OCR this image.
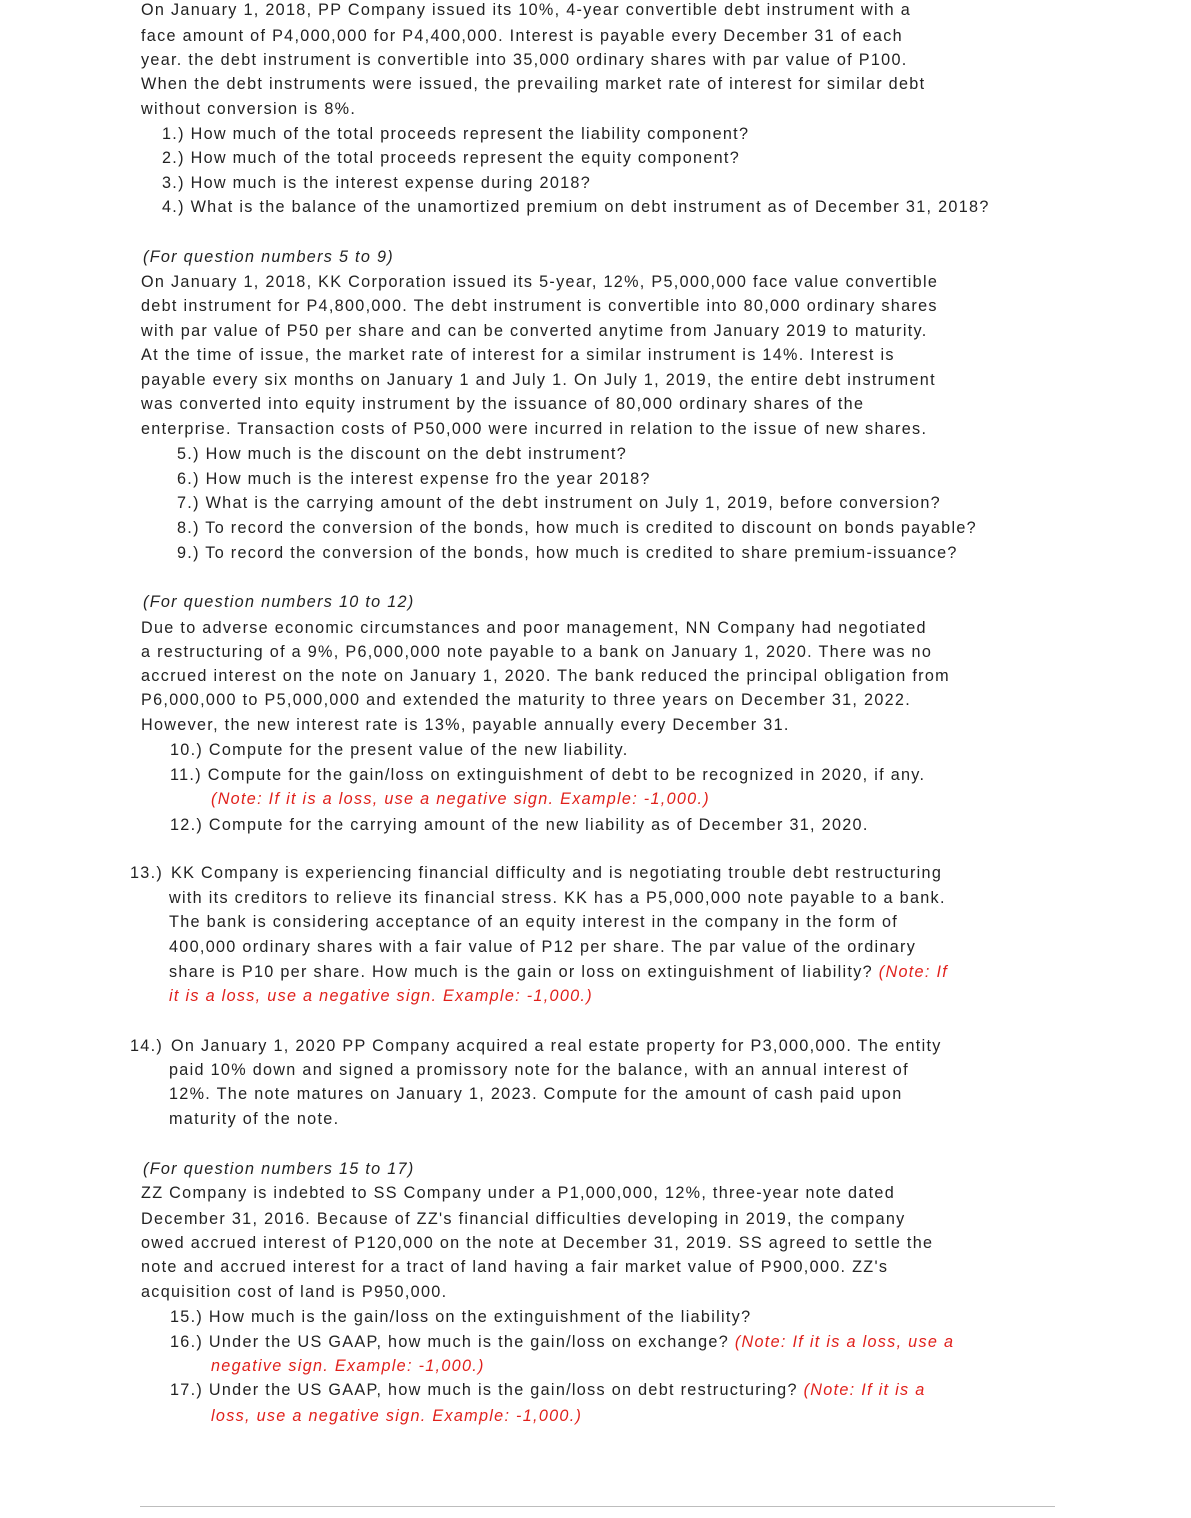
On January 1, 2018, PP Company issued its 10%, 4-year convertible debt instrument with a
face amount of P4,000,000 for P4,400,000. Interest is payable every December 31 of each
year. the debt instrument is convertible into 35,000 ordinary shares with par value of P100.
When the debt instruments were issued, the prevailing market rate of interest for similar debt
without conversion is 8%.
1.) How much of the total proceeds represent the liability component?
2.) How much of the total proceeds represent the equity component?
3.) How much is the interest expense during 2018?
4.) What is the balance of the unamortized premium on debt instrument as of December 31, 2018?
(For question numbers 5 to 9)
On January 1, 2018, KK Corporation issued its 5-year, 12%, P5,000,000 face value convertible
debt instrument for P4,800,000. The debt instrument is convertible into 80,000 ordinary shares
with par value of P50 per share and can be converted anytime from January 2019 to maturity.
At the time of issue, the market rate of interest for a similar instrument is 14%. Interest is
payable every six months on January 1 and July 1. On July 1, 2019, the entire debt instrument
was converted into equity instrument by the issuance of 80,000 ordinary shares of the
enterprise. Transaction costs of P50,000 were incurred in relation to the issue of new shares.
5.) How much is the discount on the debt instrument?
6.) How much is the interest expense fro the year 2018?
7.) What is the carrying amount of the debt instrument on July 1, 2019, before conversion?
8.) To record the conversion of the bonds, how much is credited to discount on bonds payable?
9.) To record the conversion of the bonds, how much is credited to share premium-issuance?
(For question numbers 10 to 12)
Due to adverse economic circumstances and poor management, NN Company had negotiated
a restructuring of a 9%, P6,000,000 note payable to a bank on January 1, 2020. There was no
accrued interest on the note on January 1, 2020. The bank reduced the principal obligation from
P6,000,000 to P5,000,000 and extended the maturity to three years on December 31, 2022.
However, the new interest rate is 13%, payable annually every December 31.
10.) Compute for the present value of the new liability.
11.) Compute for the gain/loss on extinguishment of debt to be recognized in 2020, if any.
(Note: If it is a loss, use a negative sign. Example: -1,000.)
12.) Compute for the carrying amount of the new liability as of December 31, 2020.
13.) KK Company is experiencing financial difficulty and is negotiating trouble debt restructuring
with its creditors to relieve its financial stress. KK has a P5,000,000 note payable to a bank.
The bank is considering acceptance of an equity interest in the company in the form of
400,000 ordinary shares with a fair value of P12 per share. The par value of the ordinary
share is P10 per share. How much is the gain or loss on extinguishment of liability? (Note: If
it is a loss, use a negative sign. Example: -1,000.)
14.) On January 1, 2020 PP Company acquired a real estate property for P3,000,000. The entity
paid 10% down and signed a promissory note for the balance, with an annual interest of
12%. The note matures on January 1, 2023. Compute for the amount of cash paid upon
maturity of the note.
(For question numbers 15 to 17)
ZZ Company is indebted to SS Company under a P1,000,000, 12%, three-year note dated
December 31, 2016. Because of ZZ's financial difficulties developing in 2019, the company
owed accrued interest of P120,000 on the note at December 31, 2019. SS agreed to settle the
note and accrued interest for a tract of land having a fair market value of P900,000. ZZ's
acquisition cost of land is P950,000.
15.) How much is the gain/loss on the extinguishment of the liability?
16.) Under the US GAAP, how much is the gain/loss on exchange? (Note: If it is a loss, use a
negative sign. Example: -1,000.)
17.) Under the US GAAP, how much is the gain/loss on debt restructuring? (Note: If it is a
loss, use a negative sign. Example: -1,000.)
